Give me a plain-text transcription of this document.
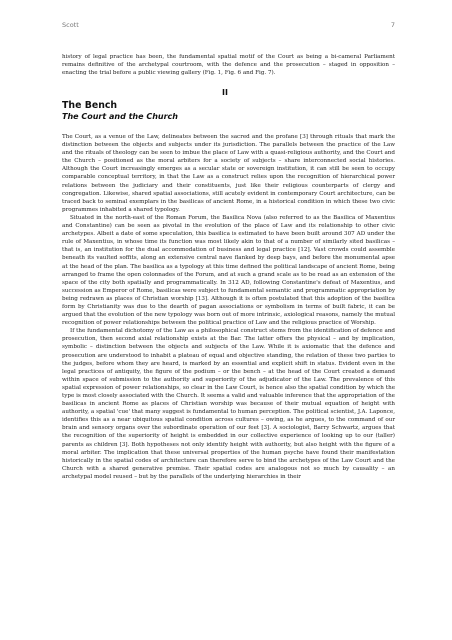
Scott	7

history of legal practice has been, the fundamental spatial motif of the Court as being a bi-cameral Parliament remains definitive of the archetypal courtroom, with the defence and the prosecution – staged in opposition – enacting the trial before a public viewing gallery (Fig. 1, Fig. 6 and Fig. 7).

II
The Bench
The Court and the Church

The Court, as a venue of the Law, delineates between the sacred and the profane [3] through rituals that mark the distinction between the objects and subjects under its jurisdiction. The parallels between the practice of the Law and the rituals of theology can be seen to imbue the place of Law with a quasi-religious authority, and the Court and the Church – positioned as the moral arbiters for a society of subjects – share interconnected social histories. Although the Court increasingly emerges as a secular state or sovereign institution, it can still be seen to occupy comparable conceptual territory, in that the Law as a construct relies upon the recognition of hierarchical power relations between the judiciary and their constituents, just like their religious counterparts of clergy and congregation. Likewise, shared spatial associations, still acutely evident in contemporary Court architecture, can be traced back to seminal exemplars in the basilicas of ancient Rome, in a historical condition in which these two civic programmes inhabited a shared typology.

Situated in the north-east of the Roman Forum, the Basilica Nova (also referred to as the Basilica of Maxentius and Constantine) can be seen as pivotal in the evolution of the place of Law and its relationship to other civic archetypes. Albeit a date of some speculation, this basilica is estimated to have been built around 307 AD under the rule of Maxentius, in whose time its function was most likely akin to that of a number of similarly sited basilicas – that is, an institution for the dual accommodation of business and legal practice [12]. Vast crowds could assemble beneath its vaulted soffits, along an extensive central nave flanked by deep bays, and before the monumental apse at the head of the plan. The basilica as a typology at this time defined the political landscape of ancient Rome, being arranged to frame the open colonnades of the Forum, and at such a grand scale as to be read as an extension of the space of the city both spatially and programmatically. In 312 AD, following Constantine's defeat of Maxentius, and succession as Emperor of Rome, basilicas were subject to fundamental semantic and programmatic appropriation by being redrawn as places of Christian worship [13]. Although it is often postulated that this adoption of the basilica form by Christianity was due to the dearth of pagan associations or symbolism in terms of built fabric, it can be argued that the evolution of the new typology was born out of more intrinsic, axiological reasons, namely the mutual recognition of power relationships between the political practice of Law and the religious practice of Worship.

If the fundamental dichotomy of the Law as a philosophical construct stems from the identification of defence and prosecution, then second axial relationship exists at the Bar. The latter offers the physical – and by implication, symbolic – distinction between the objects and subjects of the Law. While it is axiomatic that the defence and prosecution are understood to inhabit a plateau of equal and objective standing, the relation of these two parties to the judges, before whom they are heard, is marked by an essential and explicit shift in status. Evident even in the legal practices of antiquity, the figure of the podium – or the bench – at the head of the Court created a demand within space of submission to the authority and superiority of the adjudicator of the Law. The prevalence of this spatial expression of power relationships, so clear in the Law Court, is hence also the spatial condition by which the type is most closely associated with the Church. It seems a valid and valuable inference that the appropriation of the basilicas in ancient Rome as places of Christian worship was because of their mutual equation of height with authority, a spatial 'cue' that many suggest is fundamental to human perception. The political scientist, J.A. Laponce, identifies this as a near ubiquitous spatial condition across cultures – owing, as he argues, to the command of our brain and sensory organs over the subordinate operation of our feet [3]. A sociologist, Barry Schwartz, argues that the recognition of the superiority of height is embedded in our collective experience of looking up to our (taller) parents as children [3]. Both hypotheses not only identify height with authority, but also height with the figure of a moral arbiter. The implication that these universal properties of the human psyche have found their manifestation historically in the spatial codes of architecture can therefore serve to bind the archetypes of the Law Court and the Church with a shared generative premise. Their spatial codes are analogous not so much by causality – an archetypal model reused – but by the parallels of the underlying hierarchies in their
